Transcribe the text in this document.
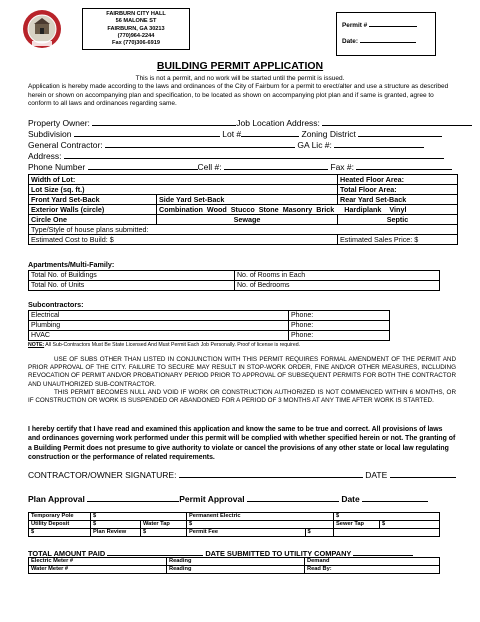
FAIRBURN CITY HALL
56 MALONE ST
FAIRBURN, GA 30213
(770)964-2244
Fax (770)306-6919
Permit #
Date:
BUILDING PERMIT APPLICATION
This is not a permit, and no work will be started until the permit is issued.
Application is hereby made according to the laws and ordinances of the City of Fairburn for a permit to erect/alter and use a structure as described herein or shown on accompanying plan and specification, to be located as shown on accompanying plot plan and if same is granted, agree to conform to all laws and ordinances regarding same.
Property Owner:	Job Location Address:
Subdivision	Lot #	Zoning District
General Contractor:	GA Lic #:
Address:
Phone Number	Cell #:	Fax #:
Width of Lot:		Heated Floor Area:
Lot Size (sq. ft.)		Total Floor Area:
Front Yard Set-Back	Side Yard Set-Back	Rear Yard Set-Back
Exterior Walls (circle)	Combination Wood Stucco Stone Masonry Brick Hardiplank Vinyl	
Circle One	Sewage	Septic
Type/Style of house plans submitted:		
Estimated Cost to Build: $		Estimated Sales Price: $
Apartments/Multi-Family:
Total No. of Buildings	No. of Rooms in Each
Total No. of Units	No. of Bedrooms
Subcontractors:
Electrical	Phone:
Plumbing	Phone:
HVAC	Phone:
NOTE: All Sub-Contractors Must Be State Licensed And Must Permit Each Job Personally. Proof of license is required.
USE OF SUBS OTHER THAN LISTED IN CONJUNCTION WITH THIS PERMIT REQUIRES FORMAL AMENDMENT OF THE PERMIT AND PRIOR APPROVAL OF THE CITY. FAILURE TO SECURE MAY RESULT IN STOP-WORK ORDER, FINE AND/OR OTHER MEASURES, INCLUDING REVOCATION OF PERMIT AND/OR PROBATIONARY PERIOD PRIOR TO APPROVAL OF SUBSEQUENT PERMITS FOR BOTH THE CONTRACTOR AND UNAUTHORIZED SUB-CONTRACTOR.
THIS PERMIT BECOMES NULL AND VOID IF WORK OR CONSTRUCTION AUTHORIZED IS NOT COMMENCED WITHIN 6 MONTHS, OR IF CONSTRUCTION OR WORK IS SUSPENDED OR ABANDONED FOR A PERIOD OF 3 MONTHS AT ANY TIME AFTER WORK IS STARTED.
I hereby certify that I have read and examined this application and know the same to be true and correct. All provisions of laws and ordinances governing work performed under this permit will be complied with whether specified herein or not. The granting of a Building Permit does not presume to give authority to violate or cancel the provisions of any other state or local law regulating construction or the performance of related requirements.
CONTRACTOR/OWNER SIGNATURE:	DATE
Plan Approval	Permit Approval	Date
Temporary Pole	$		Permanent Electric		$	
Utility Deposit	$	Water Tap	$		Sewer Tap	$
$	Plan Review	$	Permit Fee	$		
TOTAL AMOUNT PAID	DATE SUBMITTED TO UTILITY COMPANY
Electric Meter #	Reading	Demand
Water Meter #	Reading	Read By:
